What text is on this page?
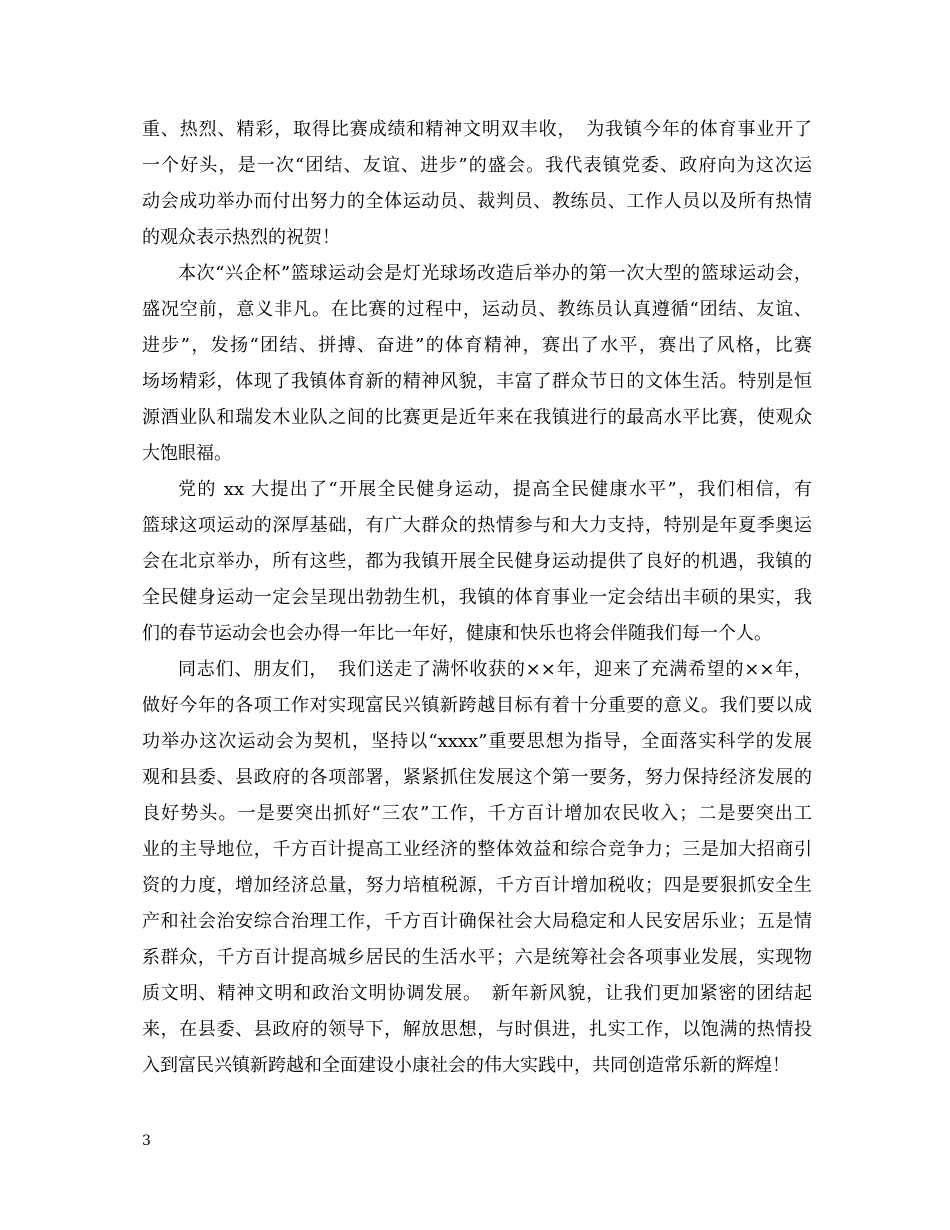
重、热烈、精彩，取得比赛成绩和精神文明双丰收，　为我镇今年的体育事业开了
一个好头，是一次“团结、友谊、进步”的盛会。我代表镇党委、政府向为这次运
动会成功举办而付出努力的全体运动员、裁判员、教练员、工作人员以及所有热情
的观众表示热烈的祝贺！
本次“兴企杯”篮球运动会是灯光球场改造后举办的第一次大型的篮球运动会，
盛况空前，意义非凡。在比赛的过程中，运动员、教练员认真遵循“团结、友谊、
进步”，发扬“团结、拼搏、奋进”的体育精神，赛出了水平，赛出了风格，比赛
场场精彩，体现了我镇体育新的精神风貌，丰富了群众节日的文体生活。特别是恒
源酒业队和瑞发木业队之间的比赛更是近年来在我镇进行的最高水平比赛，使观众
大饱眼福。
党的 xx 大提出了“开展全民健身运动，提高全民健康水平”，我们相信，有
篮球这项运动的深厚基础，有广大群众的热情参与和大力支持，特别是年夏季奥运
会在北京举办，所有这些，都为我镇开展全民健身运动提供了良好的机遇，我镇的
全民健身运动一定会呈现出勃勃生机，我镇的体育事业一定会结出丰硕的果实，我
们的春节运动会也会办得一年比一年好，健康和快乐也将会伴随我们每一个人。
同志们、朋友们，　我们送走了满怀收获的××年，迎来了充满希望的××年，
做好今年的各项工作对实现富民兴镇新跨越目标有着十分重要的意义。我们要以成
功举办这次运动会为契机，坚持以“xxxx”重要思想为指导，全面落实科学的发展
观和县委、县政府的各项部署，紧紧抓住发展这个第一要务，努力保持经济发展的
良好势头。一是要突出抓好“三农”工作，千方百计增加农民收入；二是要突出工
业的主导地位，千方百计提高工业经济的整体效益和综合竞争力；三是加大招商引
资的力度，增加经济总量，努力培植税源，千方百计增加税收；四是要狠抓安全生
产和社会治安综合治理工作，千方百计确保社会大局稳定和人民安居乐业；五是情
系群众，千方百计提高城乡居民的生活水平；六是统筹社会各项事业发展，实现物
质文明、精神文明和政治文明协调发展。　新年新风貌，让我们更加紧密的团结起
来，在县委、县政府的领导下，解放思想，与时俱进，扎实工作，以饱满的热情投
入到富民兴镇新跨越和全面建设小康社会的伟大实践中，共同创造常乐新的辉煌！
3
